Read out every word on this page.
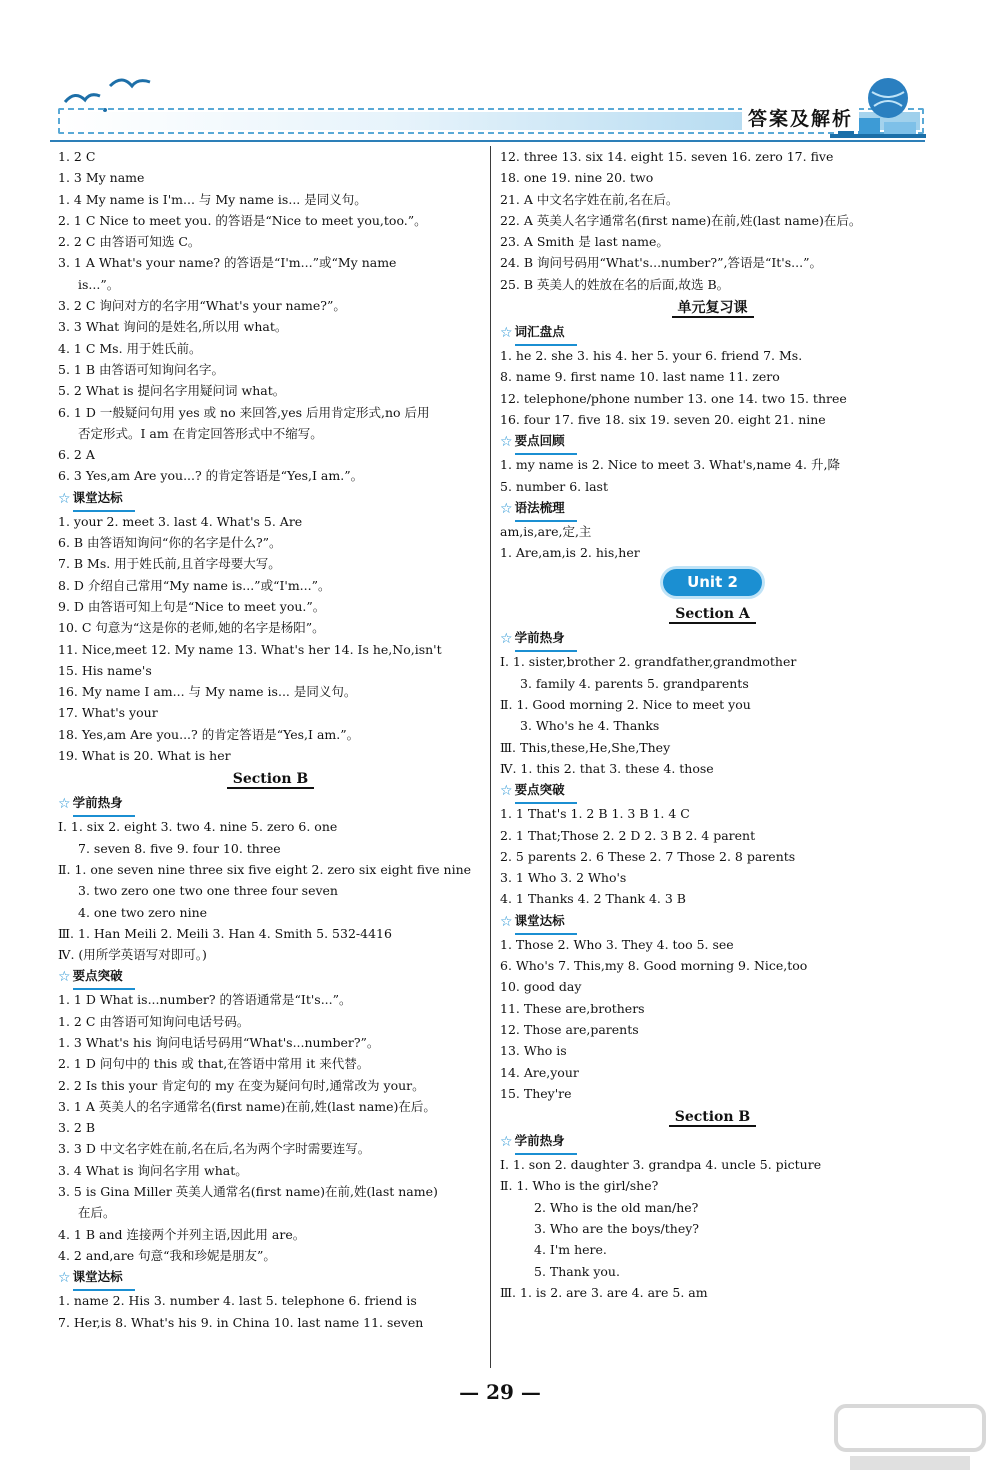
答案及解析
1. 2 C
1. 3 My name
1. 4 My name is I'm... 与 My name is... 是同义句。
2. 1 C Nice to meet you. 的答语是“Nice to meet you,too.”。
2. 2 C 由答语可知选 C。
3. 1 A What's your name? 的答语是“I'm...”或“My name
is...”。
3. 2 C 询问对方的名字用“What's your name?”。
3. 3 What 询问的是姓名,所以用 what。
4. 1 C Ms. 用于姓氏前。
5. 1 B 由答语可知询问名字。
5. 2 What is 提问名字用疑问词 what。
6. 1 D 一般疑问句用 yes 或 no 来回答,yes 后用肯定形式,no 后用
否定形式。I am 在肯定回答形式中不缩写。
6. 2 A
6. 3 Yes,am Are you...? 的肯定答语是“Yes,I am.”。
☆ 课堂达标
1. your 2. meet 3. last 4. What's 5. Are
6. B 由答语知询问“你的名字是什么?”。
7. B Ms. 用于姓氏前,且首字母要大写。
8. D 介绍自己常用“My name is...”或“I'm...”。
9. D 由答语可知上句是“Nice to meet you.”。
10. C 句意为“这是你的老师,她的名字是杨阳”。
11. Nice,meet 12. My name 13. What's her 14. Is he,No,isn't
15. His name's
16. My name I am... 与 My name is... 是同义句。
17. What's your
18. Yes,am Are you...? 的肯定答语是“Yes,I am.”。
19. What is 20. What is her
Section B
☆ 学前热身
Ⅰ. 1. six 2. eight 3. two 4. nine 5. zero 6. one
7. seven 8. five 9. four 10. three
Ⅱ. 1. one seven nine three six five eight 2. zero six eight five nine
3. two zero one two one three four seven
4. one two zero nine
Ⅲ. 1. Han Meili 2. Meili 3. Han 4. Smith 5. 532-4416
Ⅳ. (用所学英语写对即可。)
☆ 要点突破
1. 1 D What is...number? 的答语通常是“It's...”。
1. 2 C 由答语可知询问电话号码。
1. 3 What's his 询问电话号码用“What's...number?”。
2. 1 D 问句中的 this 或 that,在答语中常用 it 来代替。
2. 2 Is this your 肯定句的 my 在变为疑问句时,通常改为 your。
3. 1 A 英美人的名字通常名(first name)在前,姓(last name)在后。
3. 2 B
3. 3 D 中文名字姓在前,名在后,名为两个字时需要连写。
3. 4 What is 询问名字用 what。
3. 5 is Gina Miller 英美人通常名(first name)在前,姓(last name)
在后。
4. 1 B and 连接两个并列主语,因此用 are。
4. 2 and,are 句意“我和珍妮是朋友”。
☆ 课堂达标
1. name 2. His 3. number 4. last 5. telephone 6. friend is
7. Her,is 8. What's his 9. in China 10. last name 11. seven
12. three 13. six 14. eight 15. seven 16. zero 17. five
18. one 19. nine 20. two
21. A 中文名字姓在前,名在后。
22. A 英美人名字通常名(first name)在前,姓(last name)在后。
23. A Smith 是 last name。
24. B 询问号码用“What's...number?”,答语是“It's...”。
25. B 英美人的姓放在名的后面,故选 B。
单元复习课
☆ 词汇盘点
1. he 2. she 3. his 4. her 5. your 6. friend 7. Ms.
8. name 9. first name 10. last name 11. zero
12. telephone/phone number 13. one 14. two 15. three
16. four 17. five 18. six 19. seven 20. eight 21. nine
☆ 要点回顾
1. my name is 2. Nice to meet 3. What's,name 4. 升,降
5. number 6. last
☆ 语法梳理
am,is,are,定,主
1. Are,am,is 2. his,her
Unit 2
Section A
☆ 学前热身
Ⅰ. 1. sister,brother 2. grandfather,grandmother
3. family 4. parents 5. grandparents
Ⅱ. 1. Good morning 2. Nice to meet you
3. Who's he 4. Thanks
Ⅲ. This,these,He,She,They
Ⅳ. 1. this 2. that 3. these 4. those
☆ 要点突破
1. 1 That's 1. 2 B 1. 3 B 1. 4 C
2. 1 That;Those 2. 2 D 2. 3 B 2. 4 parent
2. 5 parents 2. 6 These 2. 7 Those 2. 8 parents
3. 1 Who 3. 2 Who's
4. 1 Thanks 4. 2 Thank 4. 3 B
☆ 课堂达标
1. Those 2. Who 3. They 4. too 5. see
6. Who's 7. This,my 8. Good morning 9. Nice,too
10. good day
11. These are,brothers
12. Those are,parents
13. Who is
14. Are,your
15. They're
Section B
☆ 学前热身
Ⅰ. 1. son 2. daughter 3. grandpa 4. uncle 5. picture
Ⅱ. 1. Who is the girl/she?
2. Who is the old man/he?
3. Who are the boys/they?
4. I'm here.
5. Thank you.
Ⅲ. 1. is 2. are 3. are 4. are 5. am
— 29 —
